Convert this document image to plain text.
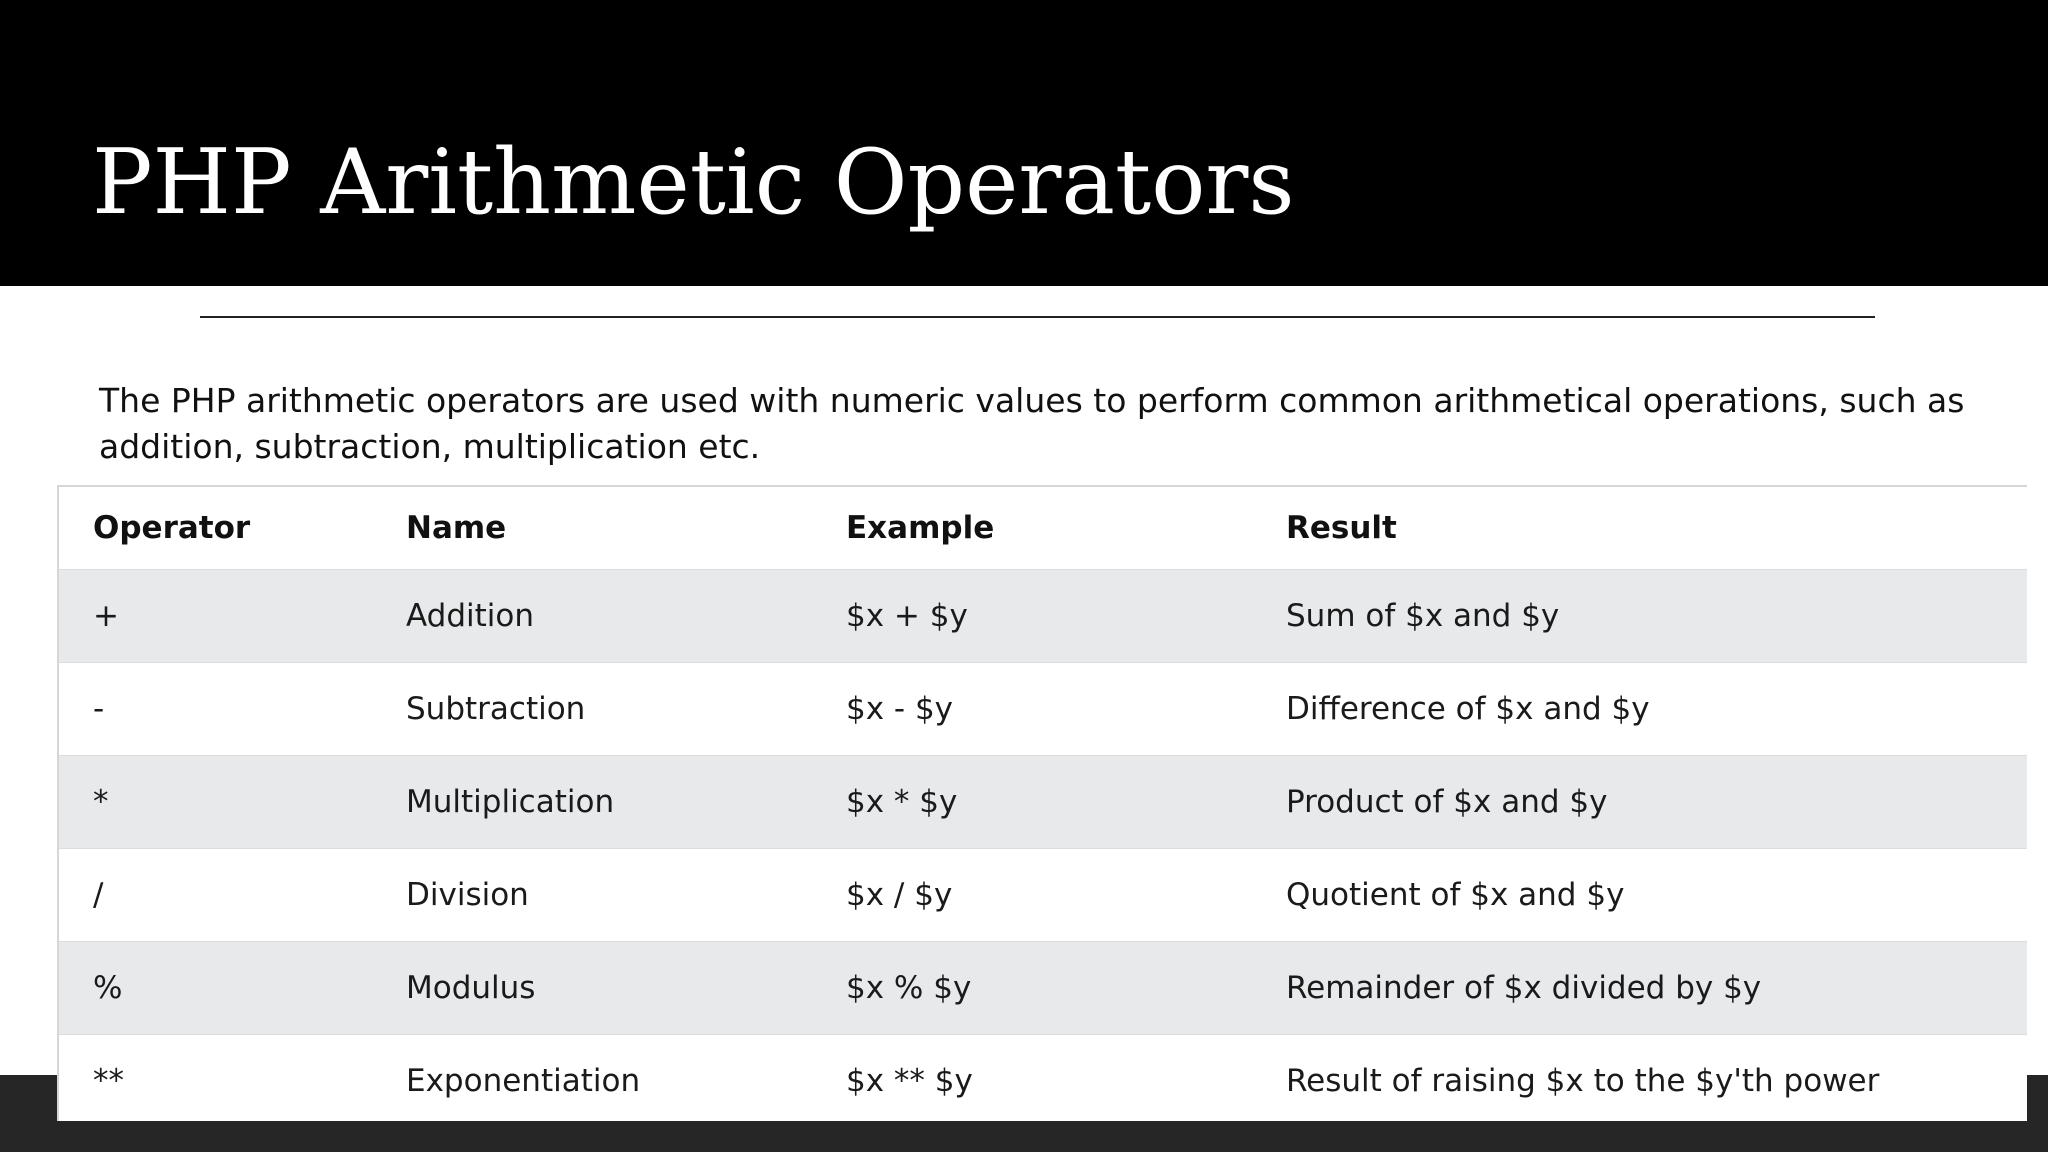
PHP Arithmetic Operators

The PHP arithmetic operators are used with numeric values to perform common arithmetical operations, such as addition, subtraction, multiplication etc.

Operator	Name	Example	Result
+	Addition	$x + $y	Sum of $x and $y
-	Subtraction	$x - $y	Difference of $x and $y
*	Multiplication	$x * $y	Product of $x and $y
/	Division	$x / $y	Quotient of $x and $y
%	Modulus	$x % $y	Remainder of $x divided by $y
**	Exponentiation	$x ** $y	Result of raising $x to the $y'th power
